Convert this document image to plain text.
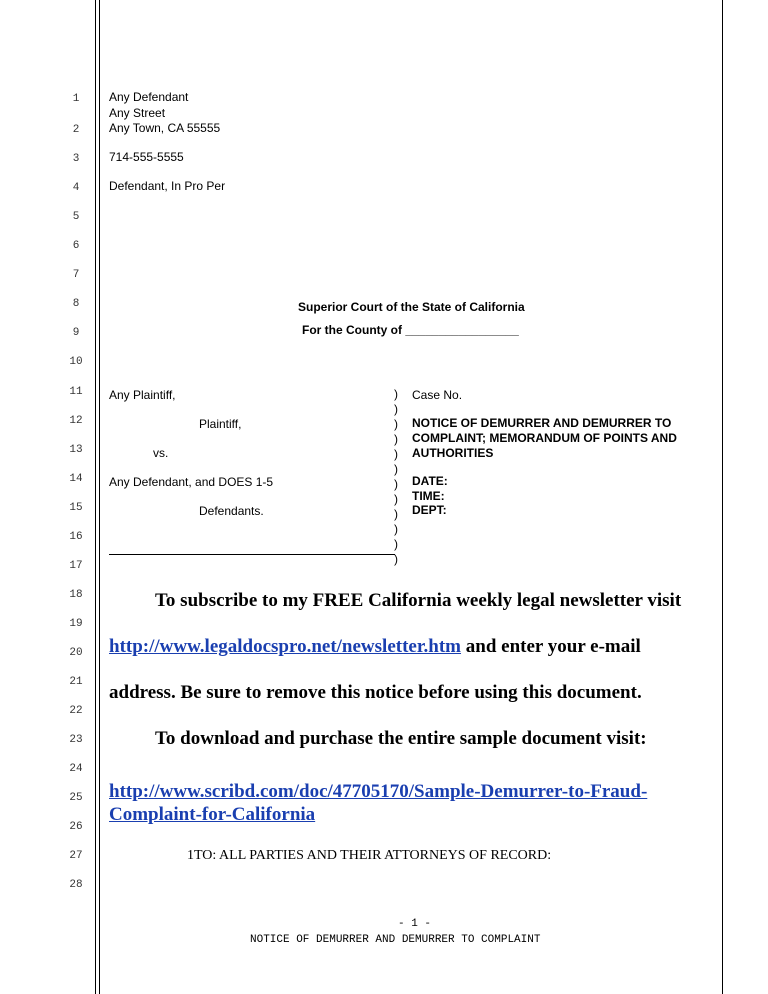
1
2
3
4
5
6
7
8
9
10
11
12
13
14
15
16
17
18
19
20
21
22
23
24
25
26
27
28
Any Defendant
Any Street
Any Town, CA 55555
714-555-5555
Defendant, In Pro Per
Superior Court of the State of California
For the County of _________________
Any Plaintiff,
Plaintiff,
vs.
Any Defendant, and DOES 1-5
Defendants.
)
)
)
)
)
)
)
)
)
)
)
)
Case No.
NOTICE OF DEMURRER AND DEMURRER TO
COMPLAINT; MEMORANDUM OF POINTS AND
AUTHORITIES
DATE:
TIME:
DEPT:
To subscribe to my FREE California weekly legal newsletter visit
http://www.legaldocspro.net/newsletter.htm and enter your e-mail
address. Be sure to remove this notice before using this document.
To download and purchase the entire sample document visit:
http://www.scribd.com/doc/47705170/Sample-Demurrer-to-Fraud-
Complaint-for-California
1TO: ALL PARTIES AND THEIR ATTORNEYS OF RECORD:
- 1 -
NOTICE OF DEMURRER AND DEMURRER TO COMPLAINT
